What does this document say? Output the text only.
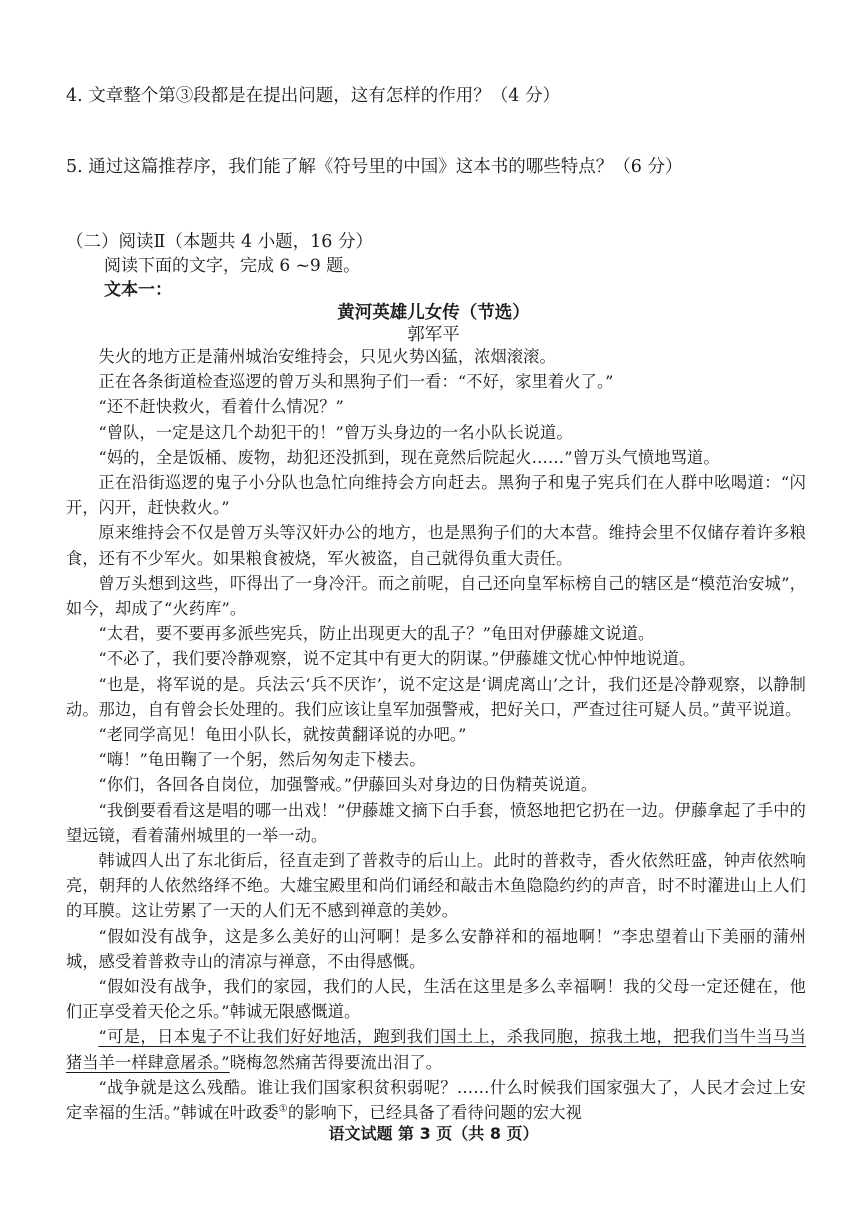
4. 文章整个第③段都是在提出问题，这有怎样的作用？（4 分）
5. 通过这篇推荐序，我们能了解《符号里的中国》这本书的哪些特点？（6 分）
（二）阅读Ⅱ（本题共 4 小题，16 分）
阅读下面的文字，完成 6 ~9 题。
文本一：
黄河英雄儿女传（节选）
郭军平

失火的地方正是蒲州城治安维持会，只见火势凶猛，浓烟滚滚。

正在各条街道检查巡逻的曾万头和黑狗子们一看：“不好，家里着火了。”

“还不赶快救火，看着什么情况？”

“曾队，一定是这几个劫犯干的！”曾万头身边的一名小队长说道。

“妈的，全是饭桶、废物，劫犯还没抓到，现在竟然后院起火……”曾万头气愤地骂道。

正在沿街巡逻的鬼子小分队也急忙向维持会方向赶去。黑狗子和鬼子宪兵们在人群中吆喝道：“闪开，闪开，赶快救火。”

原来维持会不仅是曾万头等汉奸办公的地方，也是黑狗子们的大本营。维持会里不仅储存着许多粮食，还有不少军火。如果粮食被烧，军火被盗，自己就得负重大责任。

曾万头想到这些，吓得出了一身冷汗。而之前呢，自己还向皇军标榜自己的辖区是“模范治安城”，如今，却成了“火药库”。

“太君，要不要再多派些宪兵，防止出现更大的乱子？”龟田对伊藤雄文说道。

“不必了，我们要冷静观察，说不定其中有更大的阴谋。”伊藤雄文忧心忡忡地说道。

“也是，将军说的是。兵法云‘兵不厌诈’，说不定这是‘调虎离山’之计，我们还是冷静观察，以静制动。那边，自有曾会长处理的。我们应该让皇军加强警戒，把好关口，严查过往可疑人员。”黄平说道。

“老同学高见！龟田小队长，就按黄翻译说的办吧。”

“嗨！”龟田鞠了一个躬，然后匆匆走下楼去。

“你们，各回各自岗位，加强警戒。”伊藤回头对身边的日伪精英说道。

“我倒要看看这是唱的哪一出戏！”伊藤雄文摘下白手套，愤怒地把它扔在一边。伊藤拿起了手中的望远镜，看着蒲州城里的一举一动。

韩诚四人出了东北街后，径直走到了普救寺的后山上。此时的普救寺，香火依然旺盛，钟声依然响亮，朝拜的人依然络绎不绝。大雄宝殿里和尚们诵经和敲击木鱼隐隐约约的声音，时不时灌进山上人们的耳膜。这让劳累了一天的人们无不感到禅意的美妙。

“假如没有战争，这是多么美好的山河啊！是多么安静祥和的福地啊！”李忠望着山下美丽的蒲州城，感受着普救寺山的清凉与禅意，不由得感慨。

“假如没有战争，我们的家园，我们的人民，生活在这里是多么幸福啊！我的父母一定还健在，他们正享受着天伦之乐。”韩诚无限感慨道。

“可是，日本鬼子不让我们好好地活，跑到我们国土上，杀我同胞，掠我土地，把我们当牛当马当猪当羊一样肆意屠杀。”晓梅忽然痛苦得要流出泪了。

“战争就是这么残酷。谁让我们国家积贫积弱呢？……什么时候我们国家强大了，人民才会过上安定幸福的生活。”韩诚在叶政委①的影响下，已经具备了看待问题的宏大视

语文试题 第 3 页（共 8 页）
